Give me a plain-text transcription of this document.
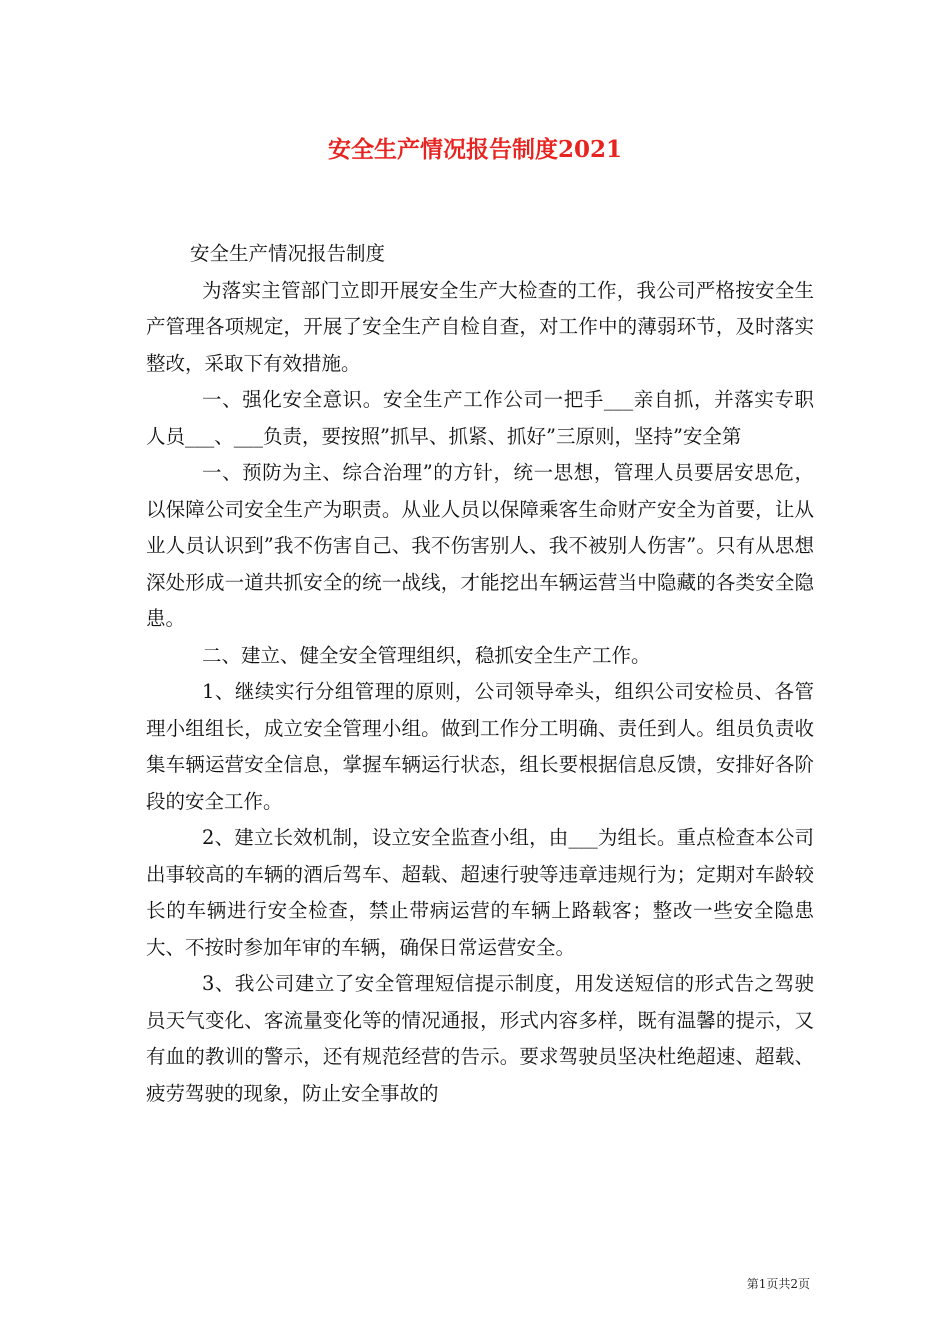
安全生产情况报告制度2021

安全生产情况报告制度

为落实主管部门立即开展安全生产大检查的工作，我公司严格按安全生产管理各项规定，开展了安全生产自检自查，对工作中的薄弱环节，及时落实整改，采取下有效措施。

一、强化安全意识。安全生产工作公司一把手___亲自抓，并落实专职人员___、___负责，要按照”抓早、抓紧、抓好”三原则，坚持”安全第

一、预防为主、综合治理”的方针，统一思想，管理人员要居安思危，以保障公司安全生产为职责。从业人员以保障乘客生命财产安全为首要，让从业人员认识到”我不伤害自己、我不伤害别人、我不被别人伤害”。只有从思想深处形成一道共抓安全的统一战线，才能挖出车辆运营当中隐藏的各类安全隐患。

二、建立、健全安全管理组织，稳抓安全生产工作。

1、继续实行分组管理的原则，公司领导牵头，组织公司安检员、各管理小组组长，成立安全管理小组。做到工作分工明确、责任到人。组员负责收集车辆运营安全信息，掌握车辆运行状态，组长要根据信息反馈，安排好各阶段的安全工作。

2、建立长效机制，设立安全监查小组，由___为组长。重点检查本公司出事较高的车辆的酒后驾车、超载、超速行驶等违章违规行为；定期对车龄较长的车辆进行安全检查，禁止带病运营的车辆上路载客；整改一些安全隐患大、不按时参加年审的车辆，确保日常运营安全。

3、我公司建立了安全管理短信提示制度，用发送短信的形式告之驾驶员天气变化、客流量变化等的情况通报，形式内容多样，既有温馨的提示，又有血的教训的警示，还有规范经营的告示。要求驾驶员坚决杜绝超速、超载、疲劳驾驶的现象，防止安全事故的

第1页共2页
